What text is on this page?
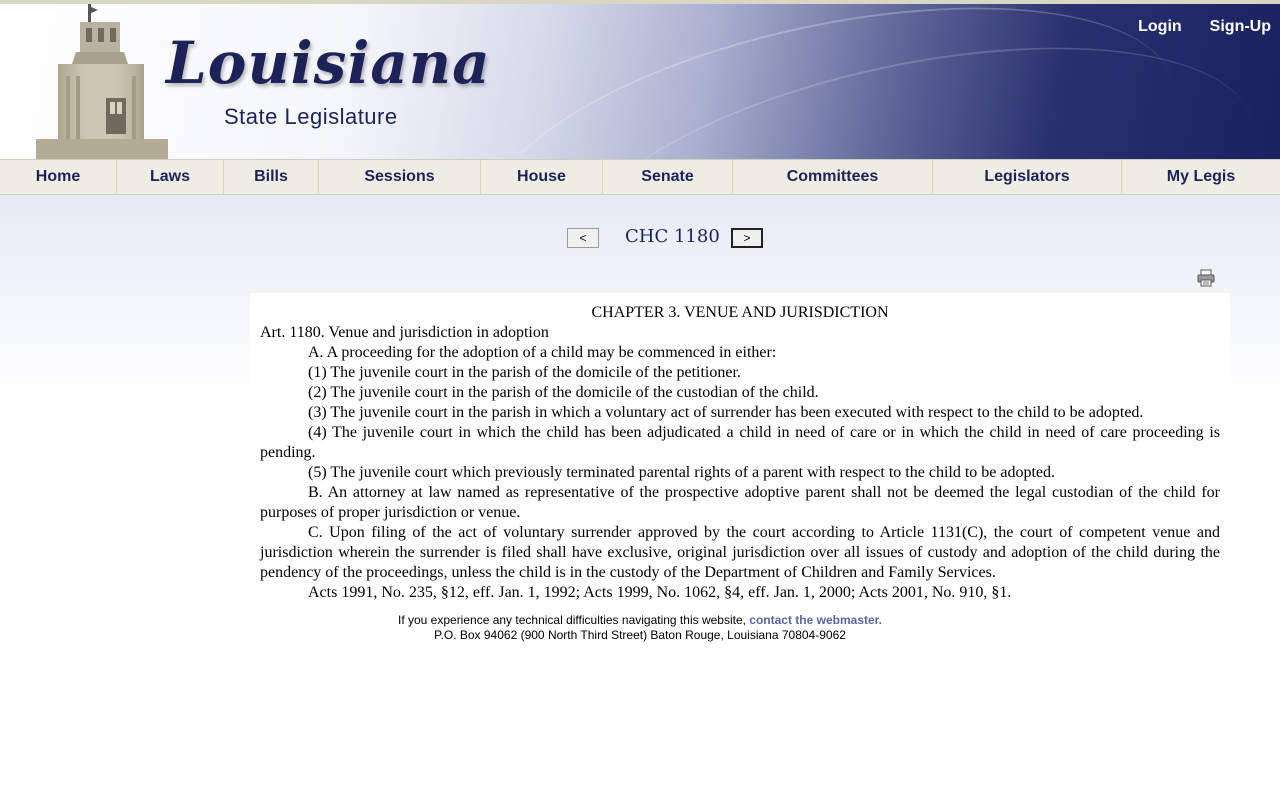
Louisiana
State Legislature
Login Sign-Up
Home	Laws	Bills	Sessions	House	Senate	Committees	Legislators	My Legis
<	CHC 1180	>

CHAPTER 3. VENUE AND JURISDICTION

Art. 1180. Venue and jurisdiction in adoption

A. A proceeding for the adoption of a child may be commenced in either:

(1) The juvenile court in the parish of the domicile of the petitioner.

(2) The juvenile court in the parish of the domicile of the custodian of the child.

(3) The juvenile court in the parish in which a voluntary act of surrender has been executed with respect to the child to be adopted.

(4) The juvenile court in which the child has been adjudicated a child in need of care or in which the child in need of care proceeding is pending.

(5) The juvenile court which previously terminated parental rights of a parent with respect to the child to be adopted.

B. An attorney at law named as representative of the prospective adoptive parent shall not be deemed the legal custodian of the child for purposes of proper jurisdiction or venue.

C. Upon filing of the act of voluntary surrender approved by the court according to Article 1131(C), the court of competent venue and jurisdiction wherein the surrender is filed shall have exclusive, original jurisdiction over all issues of custody and adoption of the child during the pendency of the proceedings, unless the child is in the custody of the Department of Children and Family Services.

Acts 1991, No. 235, §12, eff. Jan. 1, 1992; Acts 1999, No. 1062, §4, eff. Jan. 1, 2000; Acts 2001, No. 910, §1.

If you experience any technical difficulties navigating this website, contact the webmaster.
P.O. Box 94062 (900 North Third Street) Baton Rouge, Louisiana 70804-9062
